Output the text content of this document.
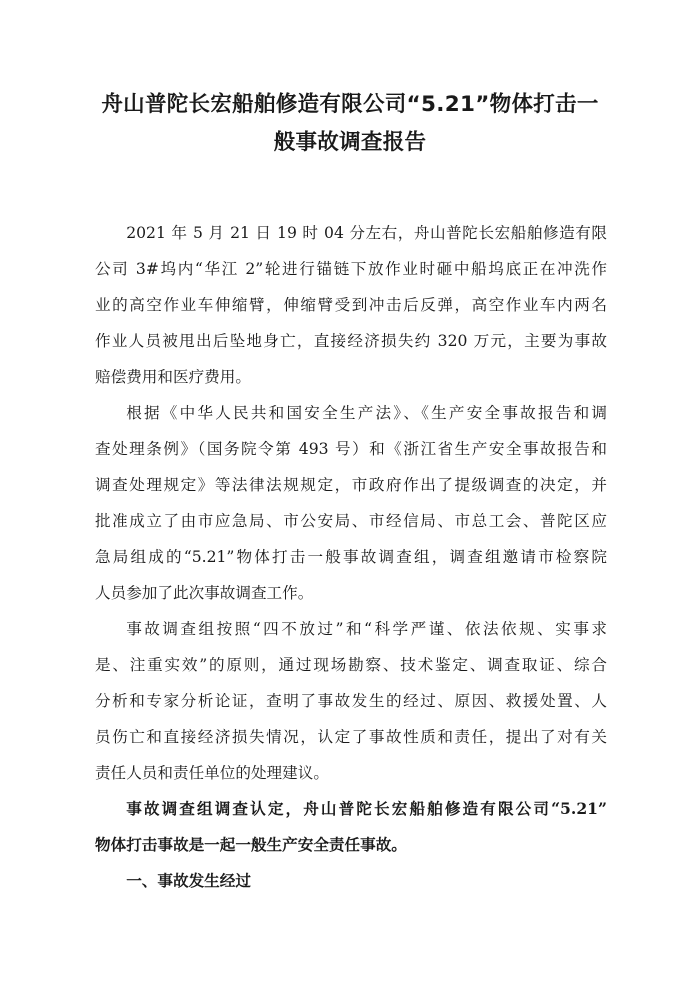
舟山普陀长宏船舶修造有限公司“5.21”物体打击一
般事故调查报告

2021 年 5 月 21 日 19 时 04 分左右，舟山普陀长宏船舶修造有限
公司 3#坞内“华江 2”轮进行锚链下放作业时砸中船坞底正在冲洗作
业的高空作业车伸缩臂，伸缩臂受到冲击后反弹，高空作业车内两名
作业人员被甩出后坠地身亡，直接经济损失约 320 万元，主要为事故
赔偿费用和医疗费用。

根据《中华人民共和国安全生产法》、《生产安全事故报告和调
查处理条例》（国务院令第 493 号）和《浙江省生产安全事故报告和
调查处理规定》等法律法规规定，市政府作出了提级调查的决定，并
批准成立了由市应急局、市公安局、市经信局、市总工会、普陀区应
急局组成的“5.21”物体打击一般事故调查组，调查组邀请市检察院
人员参加了此次事故调查工作。

事故调查组按照“四不放过”和“科学严谨、依法依规、实事求
是、注重实效”的原则，通过现场勘察、技术鉴定、调查取证、综合
分析和专家分析论证，查明了事故发生的经过、原因、救援处置、人
员伤亡和直接经济损失情况，认定了事故性质和责任，提出了对有关
责任人员和责任单位的处理建议。

事故调查组调查认定，舟山普陀长宏船舶修造有限公司“5.21”
物体打击事故是一起一般生产安全责任事故。

一、事故发生经过
